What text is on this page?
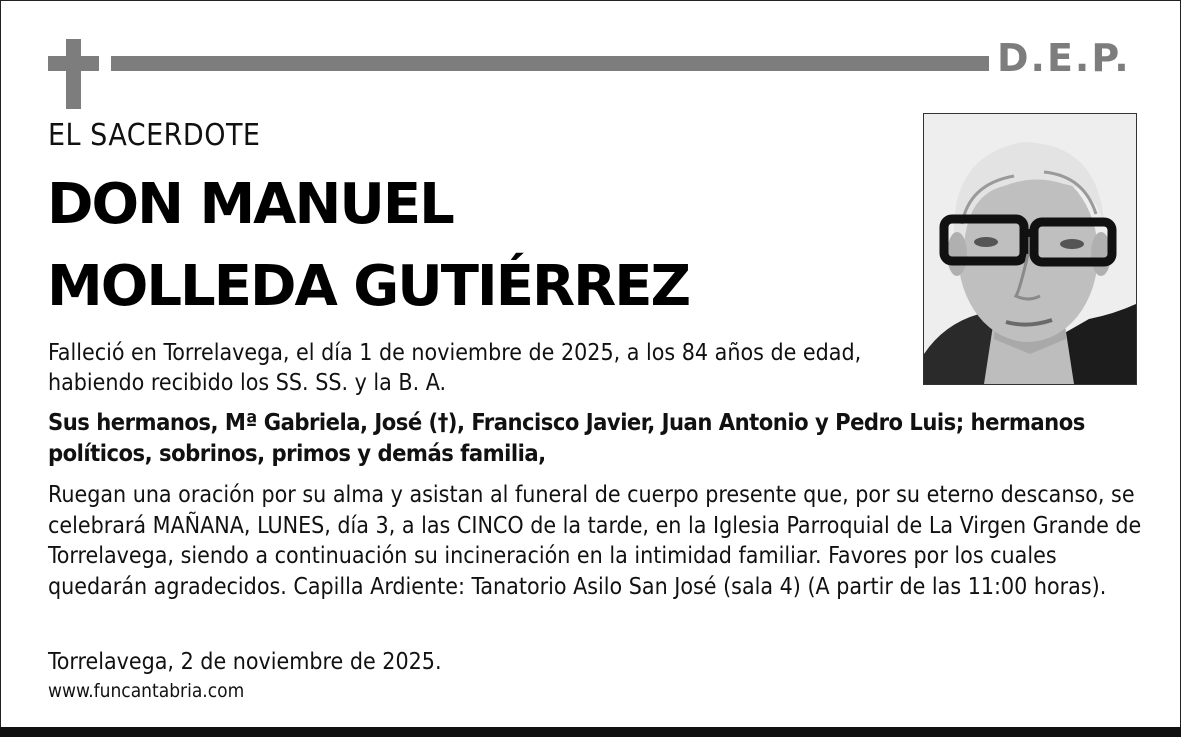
D.E.P.
EL SACERDOTE
DON MANUEL
MOLLEDA GUTIÉRREZ
Falleció en Torrelavega, el día 1 de noviembre de 2025, a los 84 años de edad, habiendo recibido los SS. SS. y la B. A.
Sus hermanos, Mª Gabriela, José (†), Francisco Javier, Juan Antonio y Pedro Luis; hermanos políticos, sobrinos, primos y demás familia,
Ruegan una oración por su alma y asistan al funeral de cuerpo presente que, por su eterno descanso, se celebrará MAÑANA, LUNES, día 3, a las CINCO de la tarde, en la Iglesia Parroquial de La Virgen Grande de Torrelavega, siendo a continuación su incineración en la intimidad familiar. Favores por los cuales quedarán agradecidos. Capilla Ardiente: Tanatorio Asilo San José (sala 4) (A partir de las 11:00 horas).
Torrelavega, 2 de noviembre de 2025.
www.funcantabria.com
